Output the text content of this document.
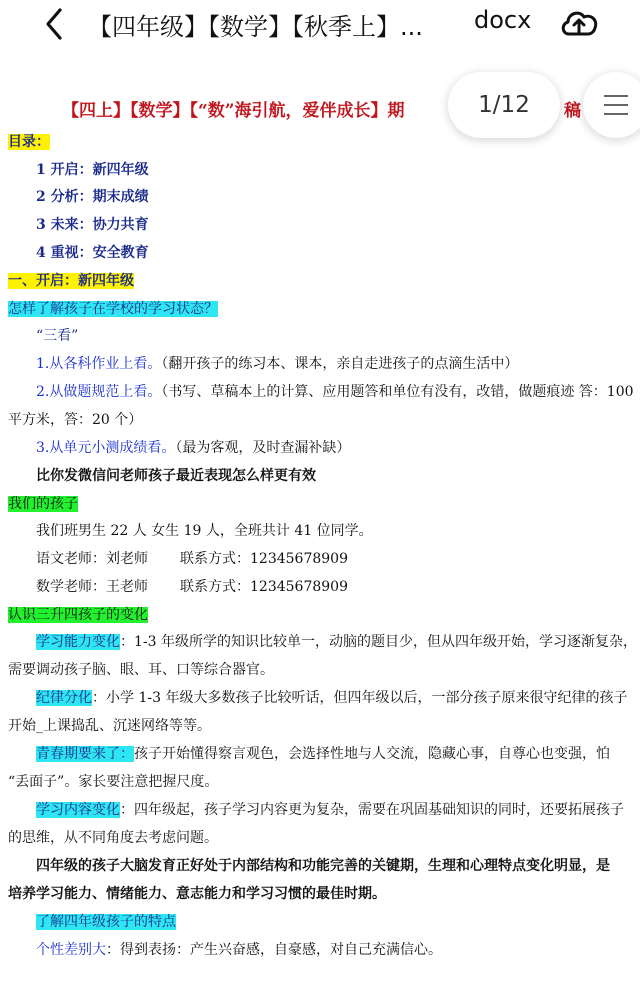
【四年级】【数学】【秋季上】...	docx
【四上】【数学】【“数”海引航，爱伴成长】期	稿
1/12
目录：
1 开启：新四年级
2 分析：期末成绩
3 未来：协力共育
4 重视：安全教育
一、开启：新四年级
怎样了解孩子在学校的学习状态？
“三看”
1.从各科作业上看。（翻开孩子的练习本、课本，亲自走进孩子的点滴生活中）
2.从做题规范上看。（书写、草稿本上的计算、应用题答和单位有没有，改错，做题痕迹 答：100
平方米，答：20 个）
3.从单元小测成绩看。（最为客观，及时查漏补缺）
比你发微信问老师孩子最近表现怎么样更有效
我们的孩子
我们班男生 22 人 女生 19 人，全班共计 41 位同学。
语文老师：刘老师 联系方式：12345678909
数学老师：王老师 联系方式：12345678909
认识三升四孩子的变化
学习能力变化：1-3 年级所学的知识比较单一，动脑的题目少，但从四年级开始，学习逐渐复杂，
需要调动孩子脑、眼、耳、口等综合器官。
纪律分化：小学 1-3 年级大多数孩子比较听话，但四年级以后，一部分孩子原来很守纪律的孩子
开始_上课捣乱、沉迷网络等等。
青春期要来了：孩子开始懂得察言观色，会选择性地与人交流，隐藏心事，自尊心也变强，怕
“丢面子”。家长要注意把握尺度。
学习内容变化：四年级起，孩子学习内容更为复杂，需要在巩固基础知识的同时，还要拓展孩子
的思维，从不同角度去考虑问题。
四年级的孩子大脑发育正好处于内部结构和功能完善的关键期，生理和心理特点变化明显，是
培养学习能力、情绪能力、意志能力和学习习惯的最佳时期。
了解四年级孩子的特点
个性差别大：得到表扬：产生兴奋感，自豪感，对自己充满信心。
